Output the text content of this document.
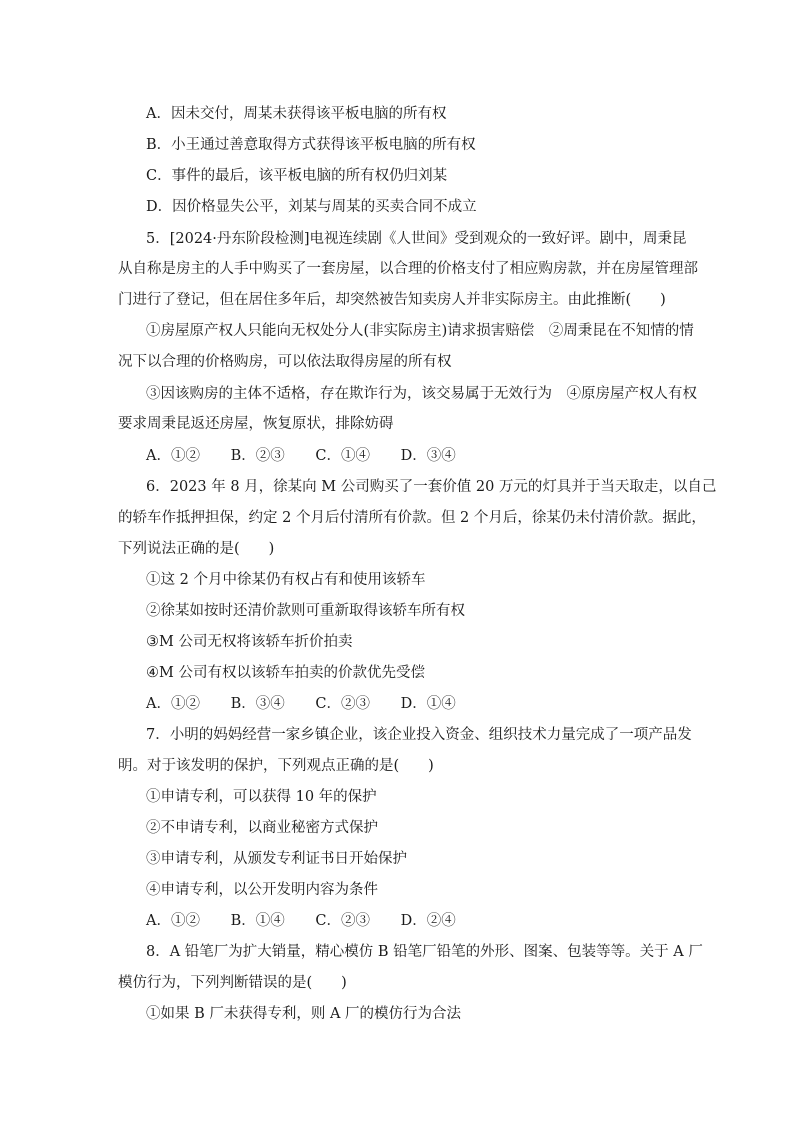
A．因未交付，周某未获得该平板电脑的所有权
B．小王通过善意取得方式获得该平板电脑的所有权
C．事件的最后，该平板电脑的所有权仍归刘某
D．因价格显失公平，刘某与周某的买卖合同不成立
5．[2024·丹东阶段检测]电视连续剧《人世间》受到观众的一致好评。剧中，周秉昆
从自称是房主的人手中购买了一套房屋，以合理的价格支付了相应购房款，并在房屋管理部
门进行了登记，但在居住多年后，却突然被告知卖房人并非实际房主。由此推断(　　)
①房屋原产权人只能向无权处分人(非实际房主)请求损害赔偿　②周秉昆在不知情的情
况下以合理的价格购房，可以依法取得房屋的所有权
③因该购房的主体不适格，存在欺诈行为，该交易属于无效行为　④原房屋产权人有权
要求周秉昆返还房屋，恢复原状，排除妨碍
A．①② B．②③ C．①④ D．③④
6．2023 年 8 月，徐某向 M 公司购买了一套价值 20 万元的灯具并于当天取走，以自己
的轿车作抵押担保，约定 2 个月后付清所有价款。但 2 个月后，徐某仍未付清价款。据此，
下列说法正确的是(　　)
①这 2 个月中徐某仍有权占有和使用该轿车
②徐某如按时还清价款则可重新取得该轿车所有权
③M 公司无权将该轿车折价拍卖
④M 公司有权以该轿车拍卖的价款优先受偿
A．①② B．③④ C．②③ D．①④
7．小明的妈妈经营一家乡镇企业，该企业投入资金、组织技术力量完成了一项产品发
明。对于该发明的保护，下列观点正确的是(　　)
①申请专利，可以获得 10 年的保护
②不申请专利，以商业秘密方式保护
③申请专利，从颁发专利证书日开始保护
④申请专利，以公开发明内容为条件
A．①② B．①④ C．②③ D．②④
8．A 铅笔厂为扩大销量，精心模仿 B 铅笔厂铅笔的外形、图案、包装等等。关于 A 厂
模仿行为，下列判断错误的是(　　)
①如果 B 厂未获得专利，则 A 厂的模仿行为合法
